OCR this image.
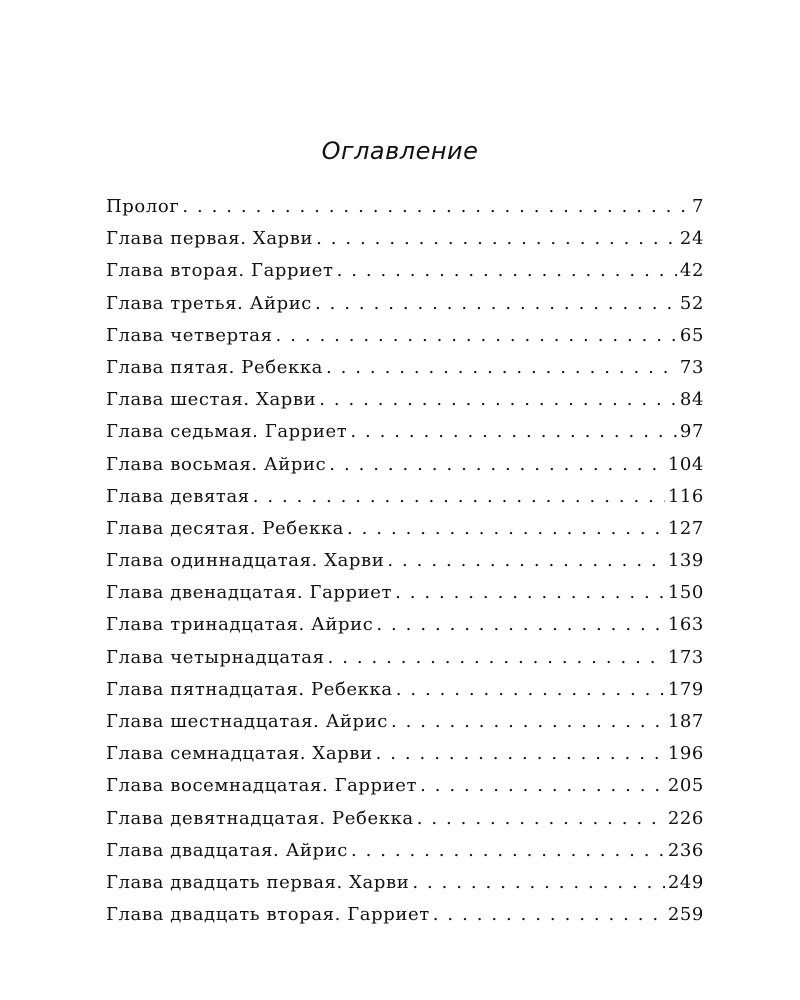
Оглавление
Пролог . . .	7
Глава первая. Харви . . .	24
Глава вторая. Гарриет . . .	42
Глава третья. Айрис . . .	52
Глава четвертая . . .	65
Глава пятая. Ребекка . . .	73
Глава шестая. Харви . . .	84
Глава седьмая. Гарриет . . .	97
Глава восьмая. Айрис . . .	104
Глава девятая . . .	116
Глава десятая. Ребекка . . .	127
Глава одиннадцатая. Харви . . .	139
Глава двенадцатая. Гарриет . . .	150
Глава тринадцатая. Айрис . . .	163
Глава четырнадцатая . . .	173
Глава пятнадцатая. Ребекка . . .	179
Глава шестнадцатая. Айрис . . .	187
Глава семнадцатая. Харви . . .	196
Глава восемнадцатая. Гарриет . . .	205
Глава девятнадцатая. Ребекка . . .	226
Глава двадцатая. Айрис . . .	236
Глава двадцать первая. Харви . . .	249
Глава двадцать вторая. Гарриет . . .	259
